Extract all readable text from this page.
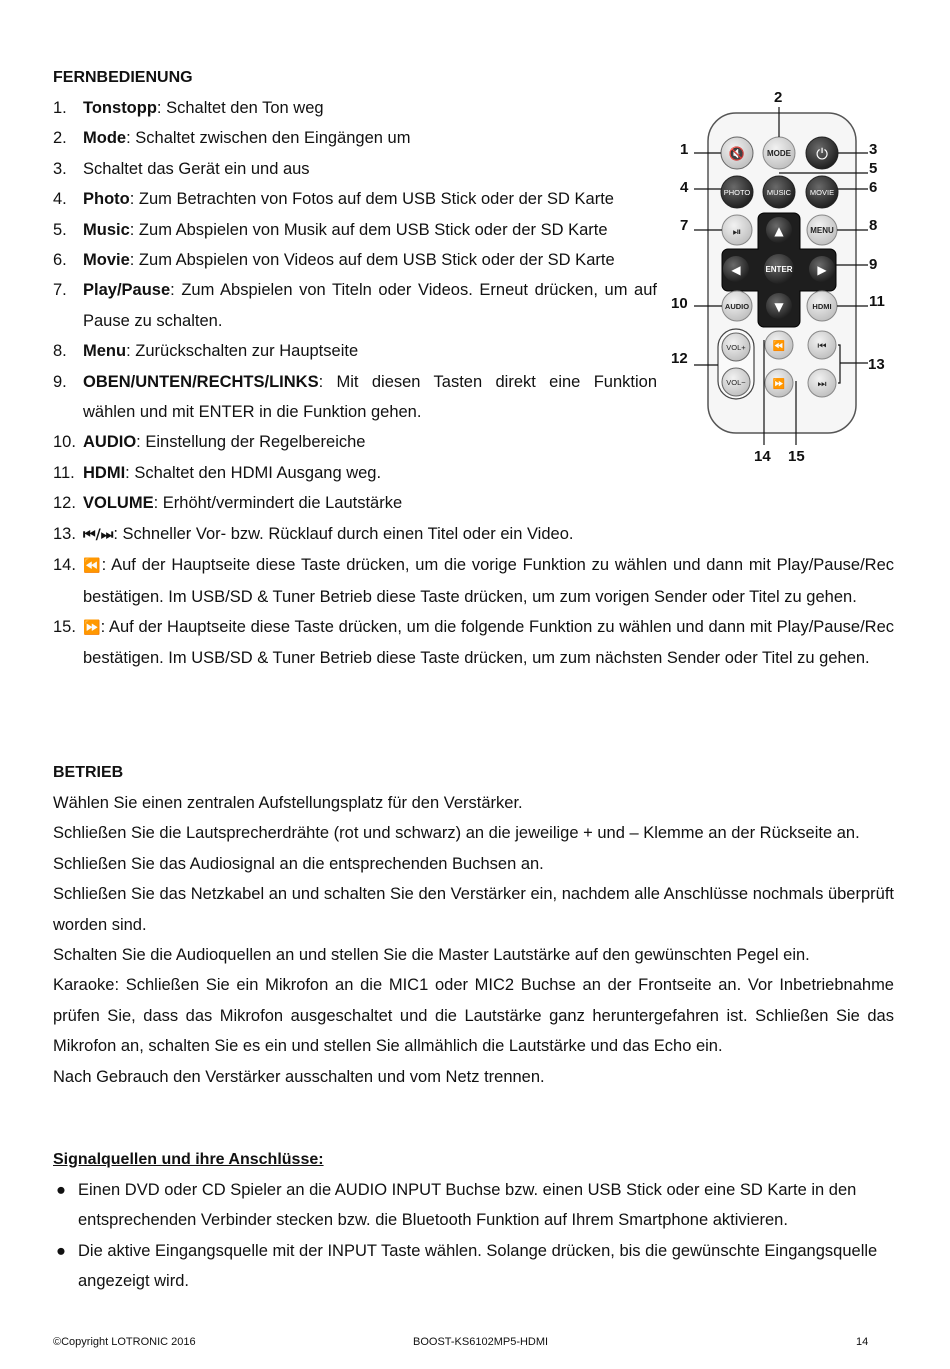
FERNBEDIENUNG
1. Tonstopp: Schaltet den Ton weg
2. Mode: Schaltet zwischen den Eingängen um
3. Schaltet das Gerät ein und aus
4. Photo: Zum Betrachten von Fotos auf dem USB Stick oder der SD Karte
5. Music: Zum Abspielen von Musik auf dem USB Stick oder der SD Karte
6. Movie: Zum Abspielen von Videos auf dem USB Stick oder der SD Karte
7. Play/Pause: Zum Abspielen von Titeln oder Videos. Erneut drücken, um auf Pause zu schalten.
8. Menu: Zurückschalten zur Hauptseite
9. OBEN/UNTEN/RECHTS/LINKS: Mit diesen Tasten direkt eine Funktion wählen und mit ENTER in die Funktion gehen.
10. AUDIO: Einstellung der Regelbereiche
11. HDMI: Schaltet den HDMI Ausgang weg.
12. VOLUME: Erhöht/vermindert die Lautstärke
13. ⏮/⏭: Schneller Vor- bzw. Rücklauf durch einen Titel oder ein Video.
14. ⏪: Auf der Hauptseite diese Taste drücken, um die vorige Funktion zu wählen und dann mit Play/Pause/Rec bestätigen. Im USB/SD & Tuner Betrieb diese Taste drücken, um zum vorigen Sender oder Titel zu gehen.
15. ⏩: Auf der Hauptseite diese Taste drücken, um die folgende Funktion zu wählen und dann mit Play/Pause/Rec bestätigen. Im USB/SD & Tuner Betrieb diese Taste drücken, um zum nächsten Sender oder Titel zu gehen.
🔇	MODE ⏻
PHOTO MUSIC	MOVIE
⏯	MENU
▲
◀	ENTER ▶
▼
AUDIO	HDMI
VOL+
VOL−
⏪	⏮
⏩	⏭
1
2
3
4
5
6
7	8
9
10	11
12	13
14 15
BETRIEB

Wählen Sie einen zentralen Aufstellungsplatz für den Verstärker.

Schließen Sie die Lautsprecherdrähte (rot und schwarz) an die jeweilige + und – Klemme an der Rückseite an.

Schließen Sie das Audiosignal an die entsprechenden Buchsen an.

Schließen Sie das Netzkabel an und schalten Sie den Verstärker ein, nachdem alle Anschlüsse nochmals überprüft worden sind.

Schalten Sie die Audioquellen an und stellen Sie die Master Lautstärke auf den gewünschten Pegel ein.

Karaoke: Schließen Sie ein Mikrofon an die MIC1 oder MIC2 Buchse an der Frontseite an. Vor Inbetriebnahme prüfen Sie, dass das Mikrofon ausgeschaltet und die Lautstärke ganz heruntergefahren ist. Schließen Sie das Mikrofon an, schalten Sie es ein und stellen Sie allmählich die Lautstärke und das Echo ein.

Nach Gebrauch den Verstärker ausschalten und vom Netz trennen.

Signalquellen und ihre Anschlüsse:
● Einen DVD oder CD Spieler an die AUDIO INPUT Buchse bzw. einen USB Stick oder eine SD Karte in den entsprechenden Verbinder stecken bzw. die Bluetooth Funktion auf Ihrem Smartphone aktivieren.
● Die aktive Eingangsquelle mit der INPUT Taste wählen. Solange drücken, bis die gewünschte Eingangsquelle angezeigt wird.
©Copyright LOTRONIC 2016	BOOST-KS6102MP5-HDMI	14
